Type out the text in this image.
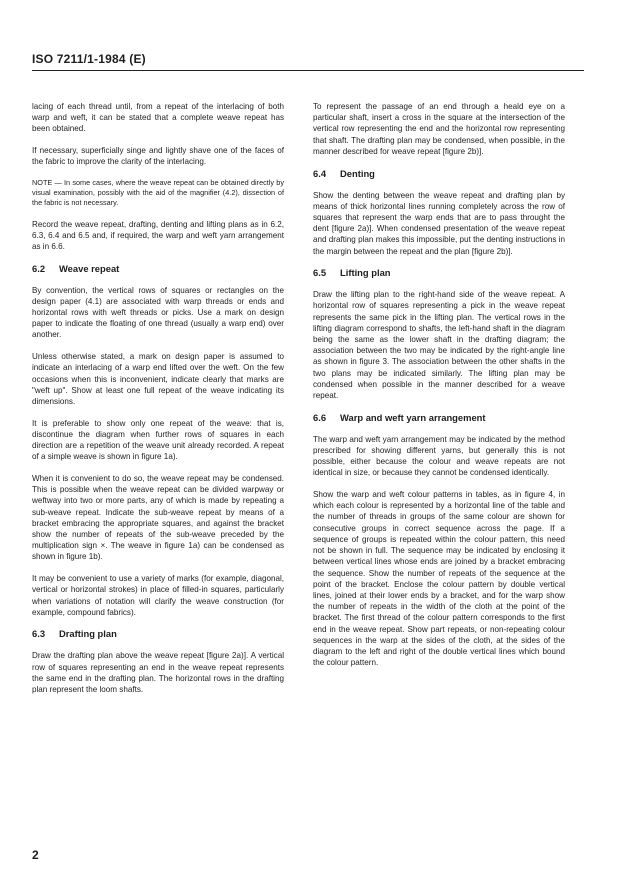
ISO 7211/1-1984 (E)

lacing of each thread until, from a repeat of the interlacing of both warp and weft, it can be stated that a complete weave repeat has been obtained.

If necessary, superficially singe and lightly shave one of the faces of the fabric to improve the clarity of the interlacing.

NOTE — In some cases, where the weave repeat can be obtained directly by visual examination, possibly with the aid of the magnifier (4.2), dissection of the fabric is not necessary.

Record the weave repeat, drafting, denting and lifting plans as in 6.2, 6.3, 6.4 and 6.5 and, if required, the warp and weft yarn arrangement as in 6.6.

6.2 Weave repeat

By convention, the vertical rows of squares or rectangles on the design paper (4.1) are associated with warp threads or ends and horizontal rows with weft threads or picks. Use a mark on design paper to indicate the floating of one thread (usually a warp end) over another.

Unless otherwise stated, a mark on design paper is assumed to indicate an interlacing of a warp end lifted over the weft. On the few occasions when this is inconvenient, indicate clearly that marks are "weft up". Show at least one full repeat of the weave indicating its dimensions.

It is preferable to show only one repeat of the weave: that is, discontinue the diagram when further rows of squares in each direction are a repetition of the weave unit already recorded. A repeat of a simple weave is shown in figure 1a).

When it is convenient to do so, the weave repeat may be condensed. This is possible when the weave repeat can be divided warpway or weftway into two or more parts, any of which is made by repeating a sub-weave repeat. Indicate the sub-weave repeat by means of a bracket embracing the appropriate squares, and against the bracket show the number of repeats of the sub-weave preceded by the multiplication sign ×. The weave in figure 1a) can be condensed as shown in figure 1b).

It may be convenient to use a variety of marks (for example, diagonal, vertical or horizontal strokes) in place of filled-in squares, particularly when variations of notation will clarify the weave construction (for example, compound fabrics).

6.3 Drafting plan

Draw the drafting plan above the weave repeat [figure 2a)]. A vertical row of squares representing an end in the weave repeat represents the same end in the drafting plan. The horizontal rows in the drafting plan represent the loom shafts.

To represent the passage of an end through a heald eye on a particular shaft, insert a cross in the square at the intersection of the vertical row representing the end and the horizontal row representing that shaft. The drafting plan may be condensed, when possible, in the manner described for weave repeat [figure 2b)].

6.4 Denting

Show the denting between the weave repeat and drafting plan by means of thick horizontal lines running completely across the row of squares that represent the warp ends that are to pass throught the dent [figure 2a)]. When condensed presentation of the weave repeat and drafting plan makes this impossible, put the denting instructions in the margin between the repeat and the plan [figure 2b)].

6.5 Lifting plan

Draw the lifting plan to the right-hand side of the weave repeat. A horizontal row of squares representing a pick in the weave repeat represents the same pick in the lifting plan. The vertical rows in the lifting diagram correspond to shafts, the left-hand shaft in the diagram being the same as the lower shaft in the drafting diagram; the association between the two may be indicated by the right-angle line as shown in figure 3. The association between the other shafts in the two plans may be indicated similarly. The lifting plan may be condensed when possible in the manner described for a weave repeat.

6.6 Warp and weft yarn arrangement

The warp and weft yarn arrangement may be indicated by the method prescribed for showing different yarns, but generally this is not possible, either because the colour and weave repeats are not identical in size, or because they cannot be condensed identically.

Show the warp and weft colour patterns in tables, as in figure 4, in which each colour is represented by a horizontal line of the table and the number of threads in groups of the same colour are shown for consecutive groups in correct sequence across the page. If a sequence of groups is repeated within the colour pattern, this need not be shown in full. The sequence may be indicated by enclosing it between vertical lines whose ends are joined by a bracket embracing the sequence. Show the number of repeats of the sequence at the point of the bracket. Enclose the colour pattern by double vertical lines, joined at their lower ends by a bracket, and for the warp show the number of repeats in the width of the cloth at the point of the bracket. The first thread of the colour pattern corresponds to the first end in the weave repeat. Show part repeats, or non-repeating colour sequences in the warp at the sides of the cloth, at the sides of the diagram to the left and right of the double vertical lines which bound the colour pattern.

2
